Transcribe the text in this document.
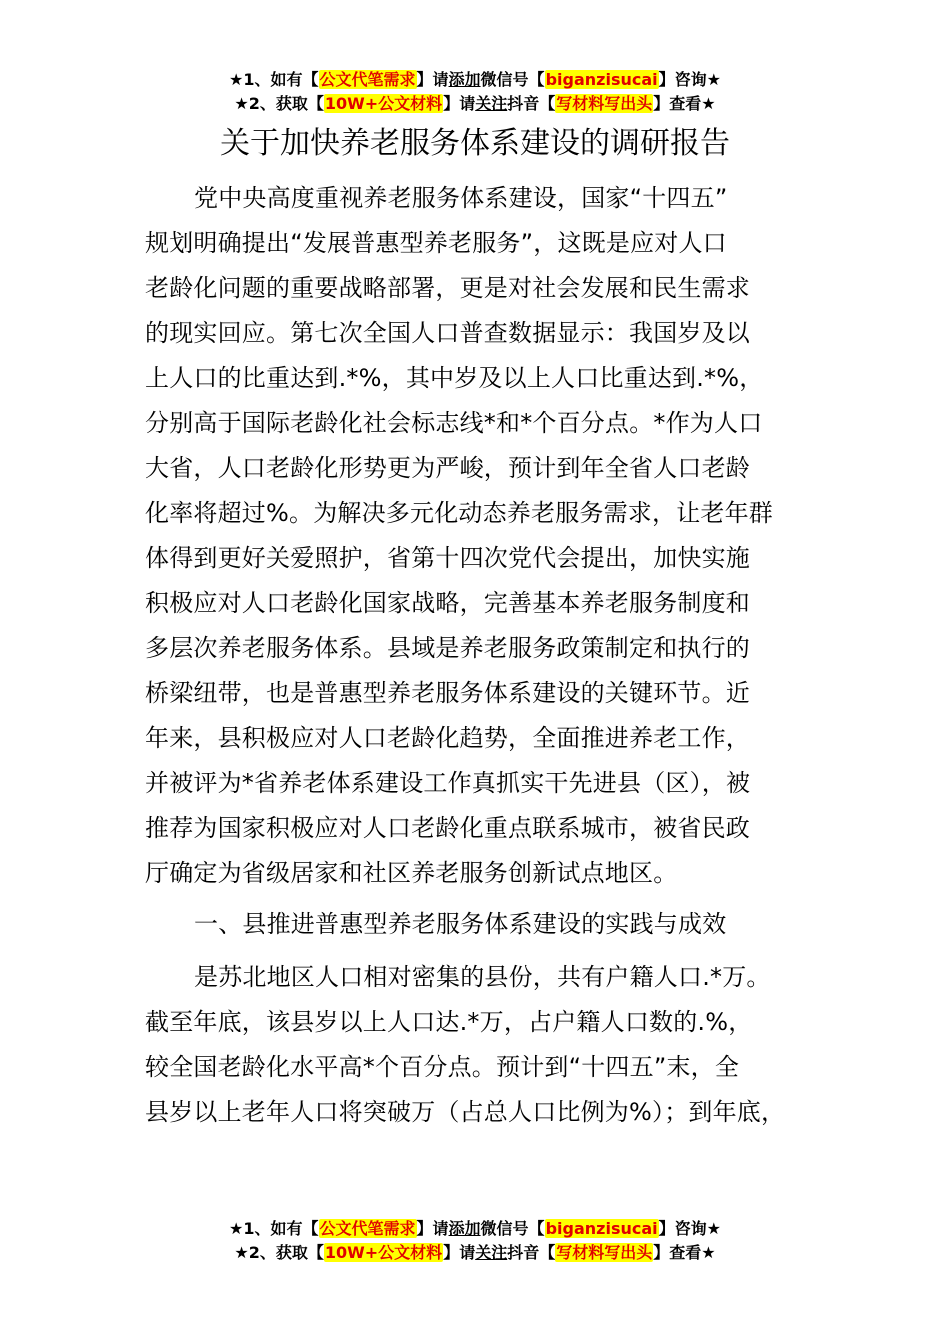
★1、如有【公文代笔需求】请添加微信号【biganzisucai】咨询★
★2、获取【10W+公文材料】请关注抖音【写材料写出头】查看★
关于加快养老服务体系建设的调研报告
党中央高度重视养老服务体系建设，国家“十四五”
规划明确提出“发展普惠型养老服务”，这既是应对人口
老龄化问题的重要战略部署，更是对社会发展和民生需求
的现实回应。第七次全国人口普查数据显示：我国岁及以
上人口的比重达到.*%，其中岁及以上人口比重达到.*%，
分别高于国际老龄化社会标志线*和*个百分点。*作为人口
大省，人口老龄化形势更为严峻，预计到年全省人口老龄
化率将超过%。为解决多元化动态养老服务需求，让老年群
体得到更好关爱照护，省第十四次党代会提出，加快实施
积极应对人口老龄化国家战略，完善基本养老服务制度和
多层次养老服务体系。县域是养老服务政策制定和执行的
桥梁纽带，也是普惠型养老服务体系建设的关键环节。近
年来，县积极应对人口老龄化趋势，全面推进养老工作，
并被评为*省养老体系建设工作真抓实干先进县（区），被
推荐为国家积极应对人口老龄化重点联系城市，被省民政
厅确定为省级居家和社区养老服务创新试点地区。
一、县推进普惠型养老服务体系建设的实践与成效
是苏北地区人口相对密集的县份，共有户籍人口.*万。
截至年底，该县岁以上人口达.*万，占户籍人口数的.%，
较全国老龄化水平高*个百分点。预计到“十四五”末，全
县岁以上老年人口将突破万（占总人口比例为%）；到年底，
★1、如有【公文代笔需求】请添加微信号【biganzisucai】咨询★
★2、获取【10W+公文材料】请关注抖音【写材料写出头】查看★
